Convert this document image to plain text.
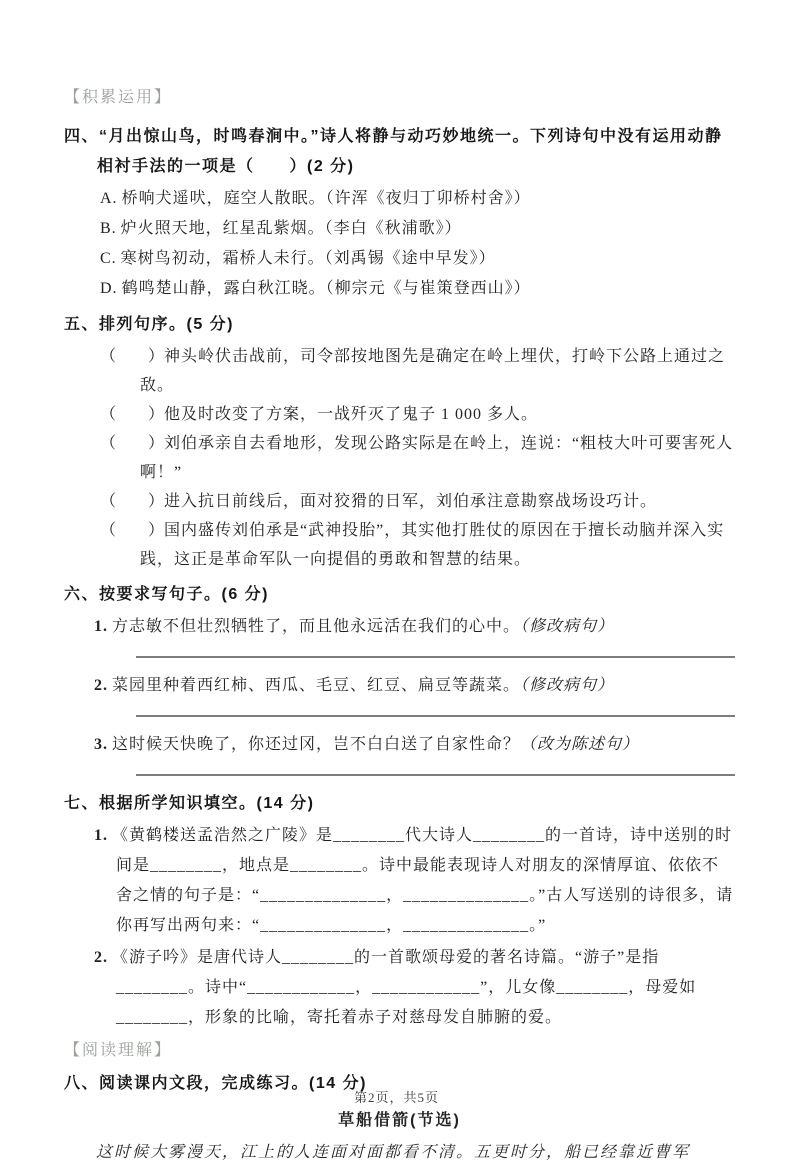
【积累运用】
四、“月出惊山鸟，时鸣春涧中。”诗人将静与动巧妙地统一。下列诗句中没有运用动静相衬手法的一项是（　　）(2 分)
A. 桥响犬遥吠，庭空人散眠。（许浑《夜归丁卯桥村舍》）
B. 炉火照天地，红星乱紫烟。（李白《秋浦歌》）
C. 寒树鸟初动，霜桥人未行。（刘禹锡《途中早发》）
D. 鹤鸣楚山静，露白秋江晓。（柳宗元《与崔策登西山》）
五、排列句序。(5 分)
（　　）神头岭伏击战前，司令部按地图先是确定在岭上埋伏，打岭下公路上通过之敌。
（　　）他及时改变了方案，一战歼灭了鬼子 1 000 多人。
（　　）刘伯承亲自去看地形，发现公路实际是在岭上，连说：“粗枝大叶可要害死人啊！”
（　　）进入抗日前线后，面对狡猾的日军，刘伯承注意勘察战场设巧计。
（　　）国内盛传刘伯承是“武神投胎”，其实他打胜仗的原因在于擅长动脑并深入实践，这正是革命军队一向提倡的勇敢和智慧的结果。
六、按要求写句子。(6 分)
1. 方志敏不但壮烈牺牲了，而且他永远活在我们的心中。（修改病句）
2. 菜园里种着西红柿、西瓜、毛豆、红豆、扁豆等蔬菜。（修改病句）
3. 这时候天快晚了，你还过冈，岂不白白送了自家性命？（改为陈述句）
七、根据所学知识填空。(14 分)
1. 《黄鹤楼送孟浩然之广陵》是________代大诗人________的一首诗，诗中送别的时间是________，地点是________。诗中最能表现诗人对朋友的深情厚谊、依依不舍之情的句子是：“______________，______________。”古人写送别的诗很多，请你再写出两句来：“______________，______________。”
2. 《游子吟》是唐代诗人________的一首歌颂母爱的著名诗篇。“游子”是指________。诗中“____________，____________”，儿女像________，母爱如________，形象的比喻，寄托着赤子对慈母发自肺腑的爱。
【阅读理解】
八、阅读课内文段，完成练习。(14 分)
草船借箭(节选)
这时候大雾漫天，江上的人连面对面都看不清。五更时分，船已经靠近曹军
第2页，共5页
